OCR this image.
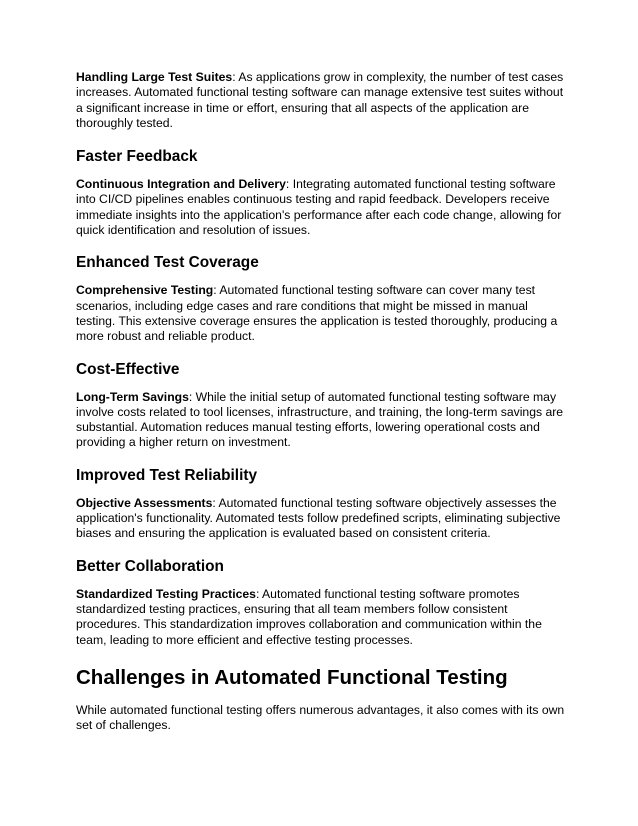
Handling Large Test Suites: As applications grow in complexity, the number of test cases increases. Automated functional testing software can manage extensive test suites without a significant increase in time or effort, ensuring that all aspects of the application are thoroughly tested.

Faster Feedback

Continuous Integration and Delivery: Integrating automated functional testing software into CI/CD pipelines enables continuous testing and rapid feedback. Developers receive immediate insights into the application's performance after each code change, allowing for quick identification and resolution of issues.

Enhanced Test Coverage

Comprehensive Testing: Automated functional testing software can cover many test scenarios, including edge cases and rare conditions that might be missed in manual testing. This extensive coverage ensures the application is tested thoroughly, producing a more robust and reliable product.

Cost-Effective

Long-Term Savings: While the initial setup of automated functional testing software may involve costs related to tool licenses, infrastructure, and training, the long-term savings are substantial. Automation reduces manual testing efforts, lowering operational costs and providing a higher return on investment.

Improved Test Reliability

Objective Assessments: Automated functional testing software objectively assesses the application's functionality. Automated tests follow predefined scripts, eliminating subjective biases and ensuring the application is evaluated based on consistent criteria.

Better Collaboration

Standardized Testing Practices: Automated functional testing software promotes standardized testing practices, ensuring that all team members follow consistent procedures. This standardization improves collaboration and communication within the team, leading to more efficient and effective testing processes.

Challenges in Automated Functional Testing

While automated functional testing offers numerous advantages, it also comes with its own set of challenges.
